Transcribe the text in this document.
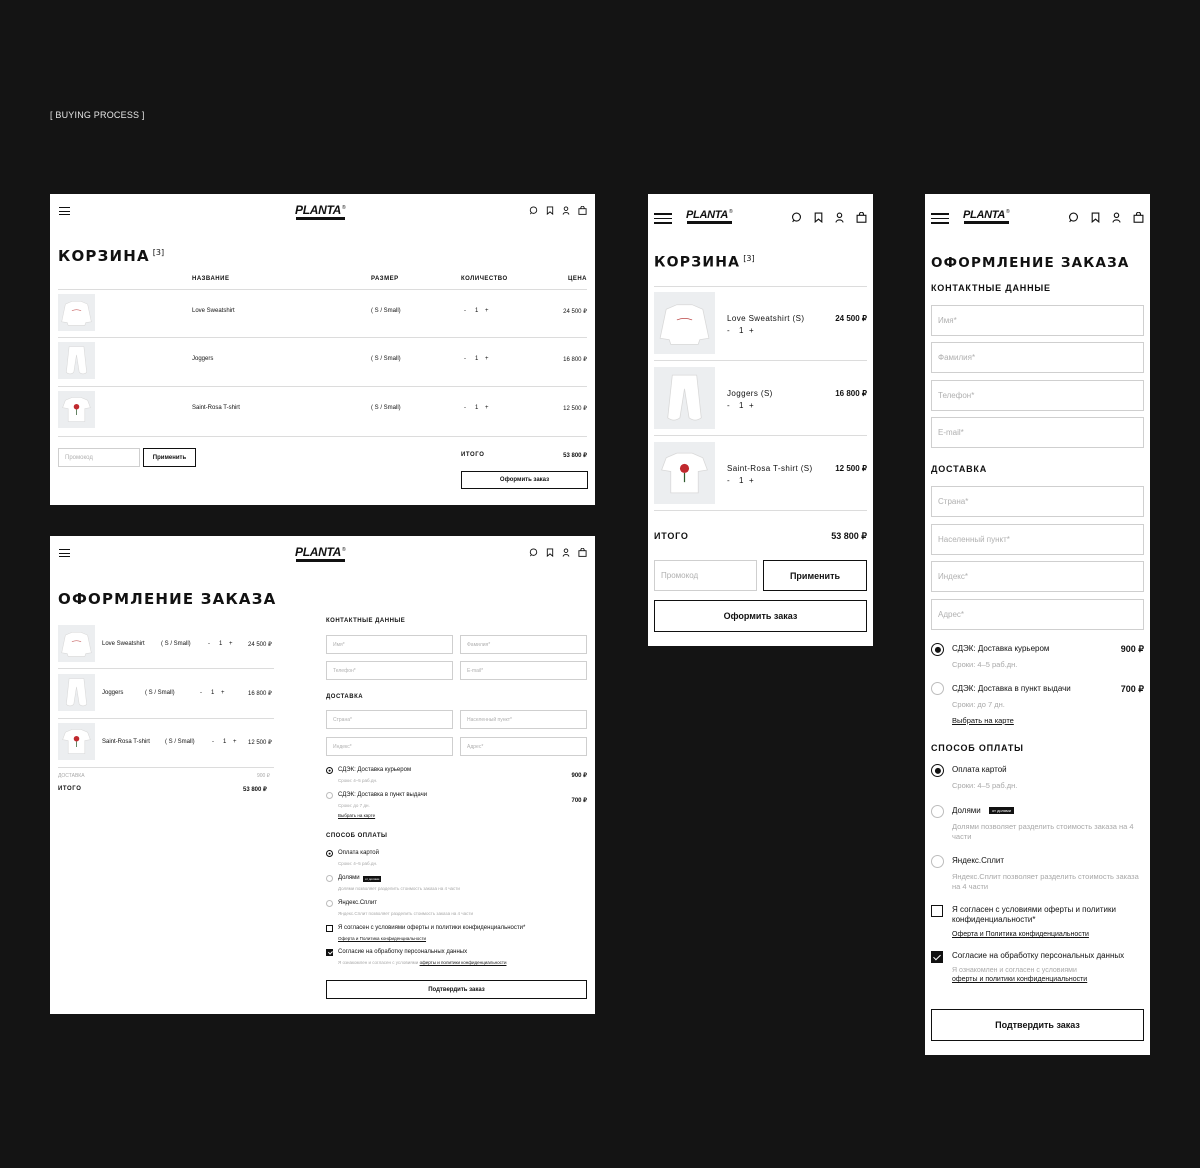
[ BUYING PROCESS ]
PLANTA®
КОРЗИНА [3]
НАЗВАНИЕ	РАЗМЕР	КОЛИЧЕСТВО	ЦЕНА
Love Sweatshirt	( S / Small)	- 1 +	24 500 ₽
Joggers	( S / Small)	- 1 +	16 800 ₽
Saint-Rosa T-shirt	( S / Small)	- 1 +	12 500 ₽
Промокод	Применить	ИТОГО	53 800 ₽
Оформить заказ
PLANTA®
ОФОРМЛЕНИЕ ЗАКАЗА
Love Sweatshirt	( S / Small)	- 1 +	24 500 ₽
Joggers	( S / Small)	- 1 +	16 800 ₽
Saint-Rosa T-shirt	( S / Small)	- 1 + 12 500 ₽
ДОСТАВКА	900 ₽
ИТОГО	53 800 ₽
КОНТАКТНЫЕ ДАННЫЕ
Имя*	Фамилия*
Телефон*	E-mail*
ДОСТАВКА
Страна*	Населенный пункт*
Индекс*	Адрес*
СДЭК: Доставка курьером
Сроки: 4–5 раб.дн.
900 ₽
СДЭК: Доставка в пункт выдачи
Сроки: до 7 дн.
Выбрать на карте
700 ₽
СПОСОБ ОПЛАТЫ
Оплата картой
Сроки: 4–5 раб.дн.
Долями	от долями
Долями позволяет разделить стоимость заказа на 4 части
Яндекс.Сплит
Яндекс.Сплит позволяет разделить стоимость заказа на 4 части
Я согласен с условиями оферты и политики конфиденциальности*
Оферта и Политика конфиденциальности
Согласие на обработку персональных данных
Я ознакомлен и согласен с условиями оферты и политики конфиденциальности
Подтвердить заказ
PLANTA®
КОРЗИНА [3]
Love Sweatshirt (S)	24 500 ₽
- 1 +
Joggers (S)	16 800 ₽
- 1 +
Saint-Rosa T-shirt (S)	12 500 ₽
- 1 +
ИТОГО	53 800 ₽
Промокод	Применить
Оформить заказ
PLANTA®
ОФОРМЛЕНИЕ ЗАКАЗА
КОНТАКТНЫЕ ДАННЫЕ
Имя*
Фамилия*
Телефон*
E-mail*
ДОСТАВКА
Страна*
Населенный пункт*
Индекс*
Адрес*
СДЭК: Доставка курьером
Сроки: 4–5 раб.дн.
900 ₽
СДЭК: Доставка в пункт выдачи
Сроки: до 7 дн.
Выбрать на карте
700 ₽
СПОСОБ ОПЛАТЫ
Оплата картой
Сроки: 4–5 раб.дн.
Долями	от долями
Долями позволяет разделить стоимость заказа на 4 части
Яндекс.Сплит
Яндекс.Сплит позволяет разделить стоимость заказа на 4 части
Я согласен с условиями оферты и политики конфиденциальности*
Оферта и Политика конфиденциальности
Согласие на обработку персональных данных
Я ознакомлен и согласен с условиями
оферты и политики конфиденциальности
Подтвердить заказ
